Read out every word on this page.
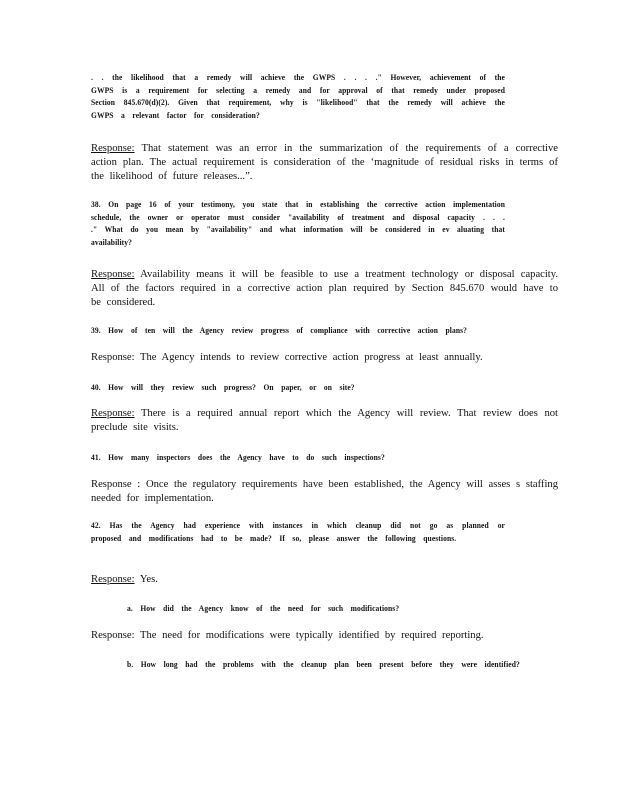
. . the likelihood that a remedy will achieve the GWPS . . . ." However, achievement of the GWPS is a requirement for selecting a remedy and for approval of that remedy under proposed Section 845.670(d)(2). Given that requirement, why is "likelihood" that the remedy will achieve the GWPS a relevant factor for consideration?

Response: That statement was an error in the summarization of the requirements of a corrective action plan. The actual requirement is consideration of the ‘magnitude of residual risks in terms of the likelihood of future releases...”.

38. On page 16 of your testimony, you state that in establishing the corrective action implementation schedule, the owner or operator must consider "availability of treatment and disposal capacity . . . ." What do you mean by "availability" and what information will be considered in ev aluating that availability?

Response: Availability means it will be feasible to use a treatment technology or disposal capacity. All of the factors required in a corrective action plan required by Section 845.670 would have to be considered.

39. How of ten will the Agency review progress of compliance with corrective action plans?

Response: The Agency intends to review corrective action progress at least annually.

40. How will they review such progress? On paper, or on site?

Response: There is a required annual report which the Agency will review. That review does not preclude site visits.

41. How many inspectors does the Agency have to do such inspections?

Response : Once the regulatory requirements have been established, the Agency will asses s staffing needed for implementation.

42. Has the Agency had experience with instances in which cleanup did not go as planned or proposed and modifications had to be made? If so, please answer the following questions.

Response: Yes.

a. How did the Agency know of the need for such modifications?

Response: The need for modifications were typically identified by required reporting.

b. How long had the problems with the cleanup plan been present before they were identified?
